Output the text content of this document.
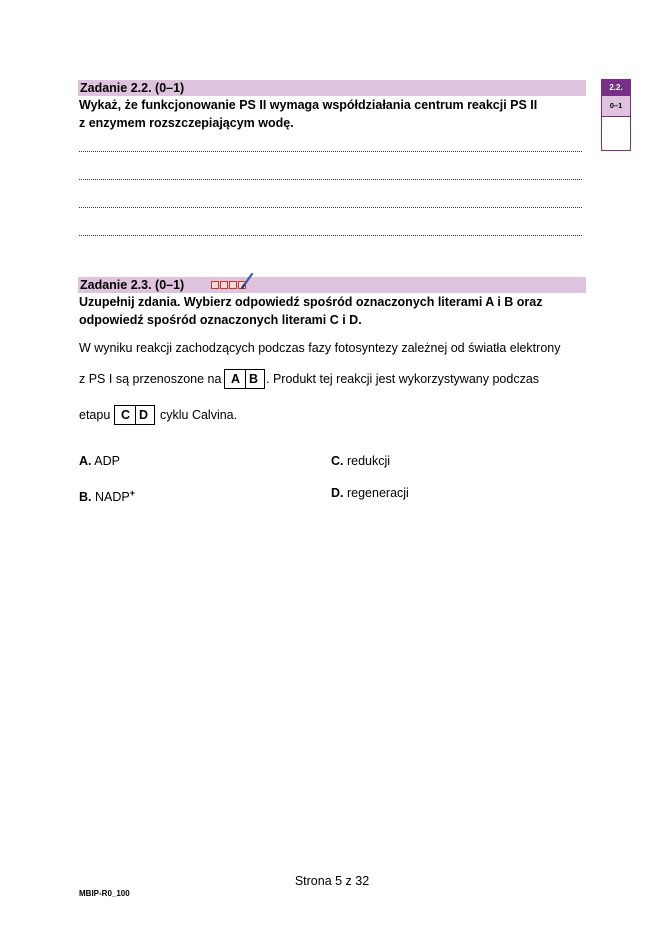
Zadanie 2.2. (0–1)
Wykaż, że funkcjonowanie PS II wymaga współdziałania centrum reakcji PS II
z enzymem rozszczepiającym wodę.
2.2.
0–1
Zadanie 2.3. (0–1)
Uzupełnij zdania. Wybierz odpowiedź spośród oznaczonych literami A i B oraz
odpowiedź spośród oznaczonych literami C i D.
W wyniku reakcji zachodzących podczas fazy fotosyntezy zależnej od światła elektrony
z PS I są przenoszone na A B . Produkt tej reakcji jest wykorzystywany podczas
etapu C D cyklu Calvina.
A. ADP
B. NADP+
C. redukcji
D. regeneracji
Strona 5 z 32
MBIP-R0_100
